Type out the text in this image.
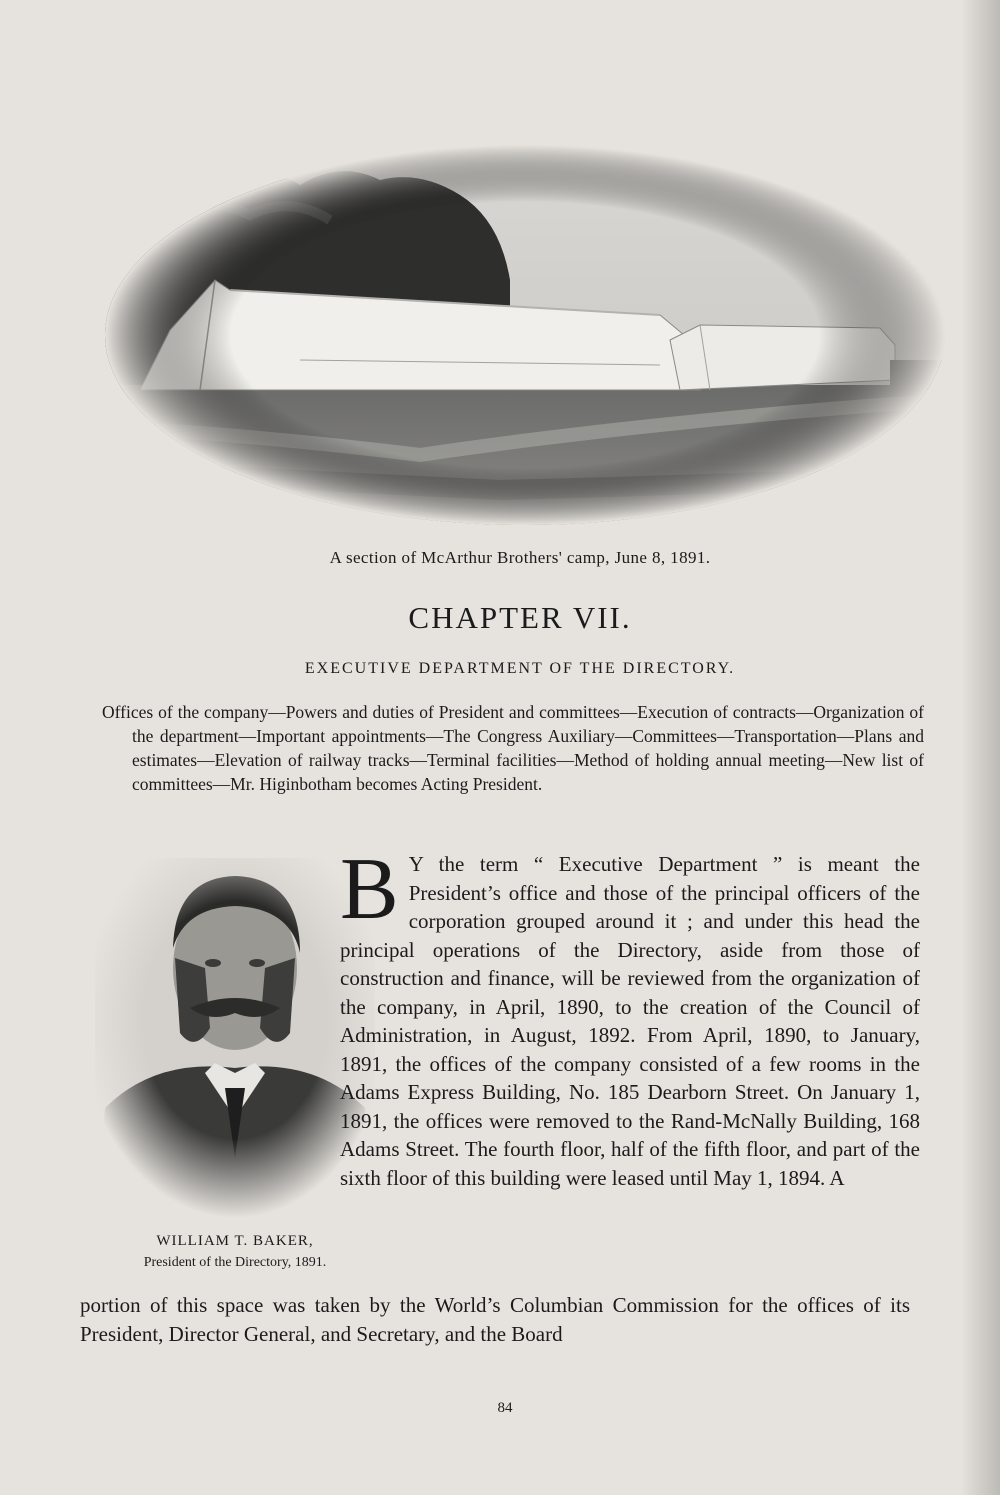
A section of McArthur Brothers' camp, June 8, 1891.
CHAPTER VII.
EXECUTIVE DEPARTMENT OF THE DIRECTORY.
Offices of the company—Powers and duties of President and committees—Execution of contracts—Organization of the department—Important appointments—The Congress Auxiliary—Committees—Transportation—Plans and estimates—Elevation of railway tracks—Terminal facilities—Method of holding annual meeting—New list of committees—Mr. Higinbotham becomes Acting President.
WILLIAM T. BAKER,
President of the Directory, 1891.
B Y the term “ Executive Department ” is meant the President’s office and those of the principal officers of the corporation grouped around it ; and under this head the principal operations of the Directory, aside from those of construction and finance, will be reviewed from the organization of the company, in April, 1890, to the creation of the Council of Administration, in August, 1892. From April, 1890, to January, 1891, the offices of the company consisted of a few rooms in the Adams Express Building, No. 185 Dearborn Street. On January 1, 1891, the offices were removed to the Rand-McNally Building, 168 Adams Street. The fourth floor, half of the fifth floor, and part of the sixth floor of this building were leased until May 1, 1894. A

portion of this space was taken by the World’s Columbian Commission for the offices of its President, Director General, and Secretary, and the Board
84
